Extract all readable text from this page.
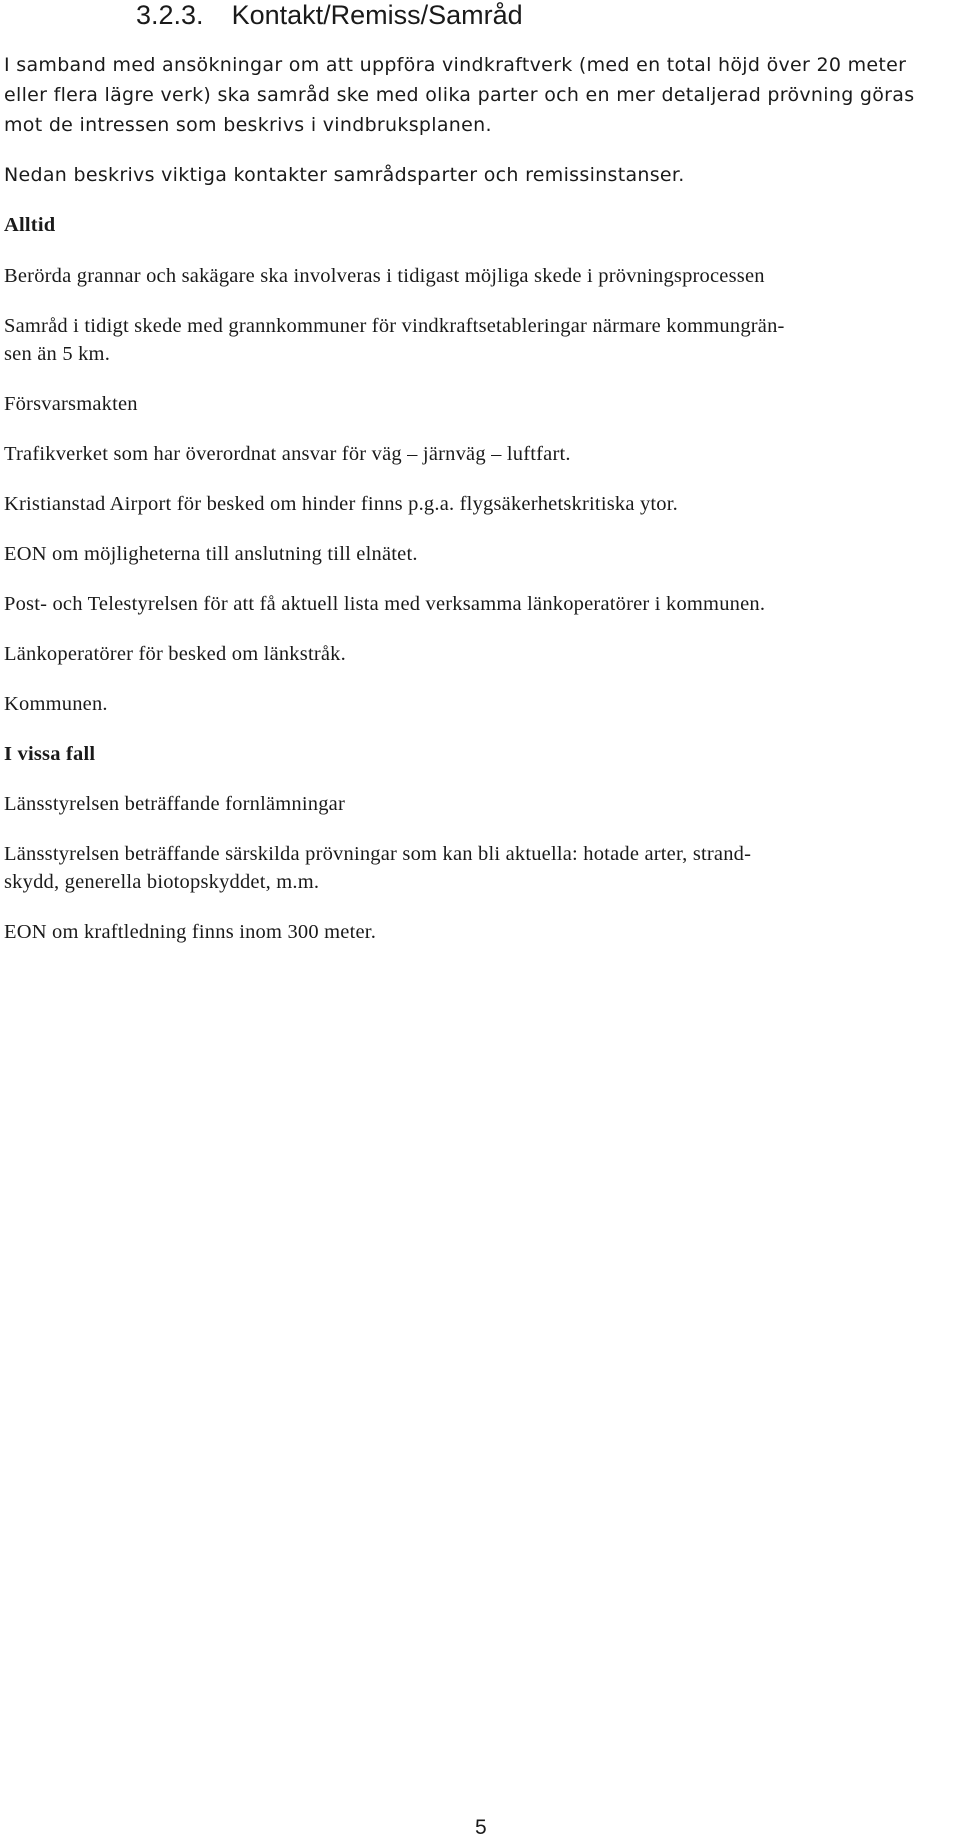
3.2.3. Kontakt/Remiss/Samråd

I samband med ansökningar om att uppföra vindkraftverk (med en total höjd över 20 meter

eller flera lägre verk) ska samråd ske med olika parter och en mer detaljerad prövning göras

mot de intressen som beskrivs i vindbruksplanen.

Nedan beskrivs viktiga kontakter samrådsparter och remissinstanser.

Alltid

Berörda grannar och sakägare ska involveras i tidigast möjliga skede i prövningsprocessen

Samråd i tidigt skede med grannkommuner för vindkraftsetableringar närmare kommungrän-

sen än 5 km.

Försvarsmakten

Trafikverket som har överordnat ansvar för väg – järnväg – luftfart.

Kristianstad Airport för besked om hinder finns p.g.a. flygsäkerhetskritiska ytor.

EON om möjligheterna till anslutning till elnätet.

Post- och Telestyrelsen för att få aktuell lista med verksamma länkoperatörer i kommunen.

Länkoperatörer för besked om länkstråk.

Kommunen.

I vissa fall

Länsstyrelsen beträffande fornlämningar

Länsstyrelsen beträffande särskilda prövningar som kan bli aktuella: hotade arter, strand-

skydd, generella biotopskyddet, m.m.

EON om kraftledning finns inom 300 meter.

5
